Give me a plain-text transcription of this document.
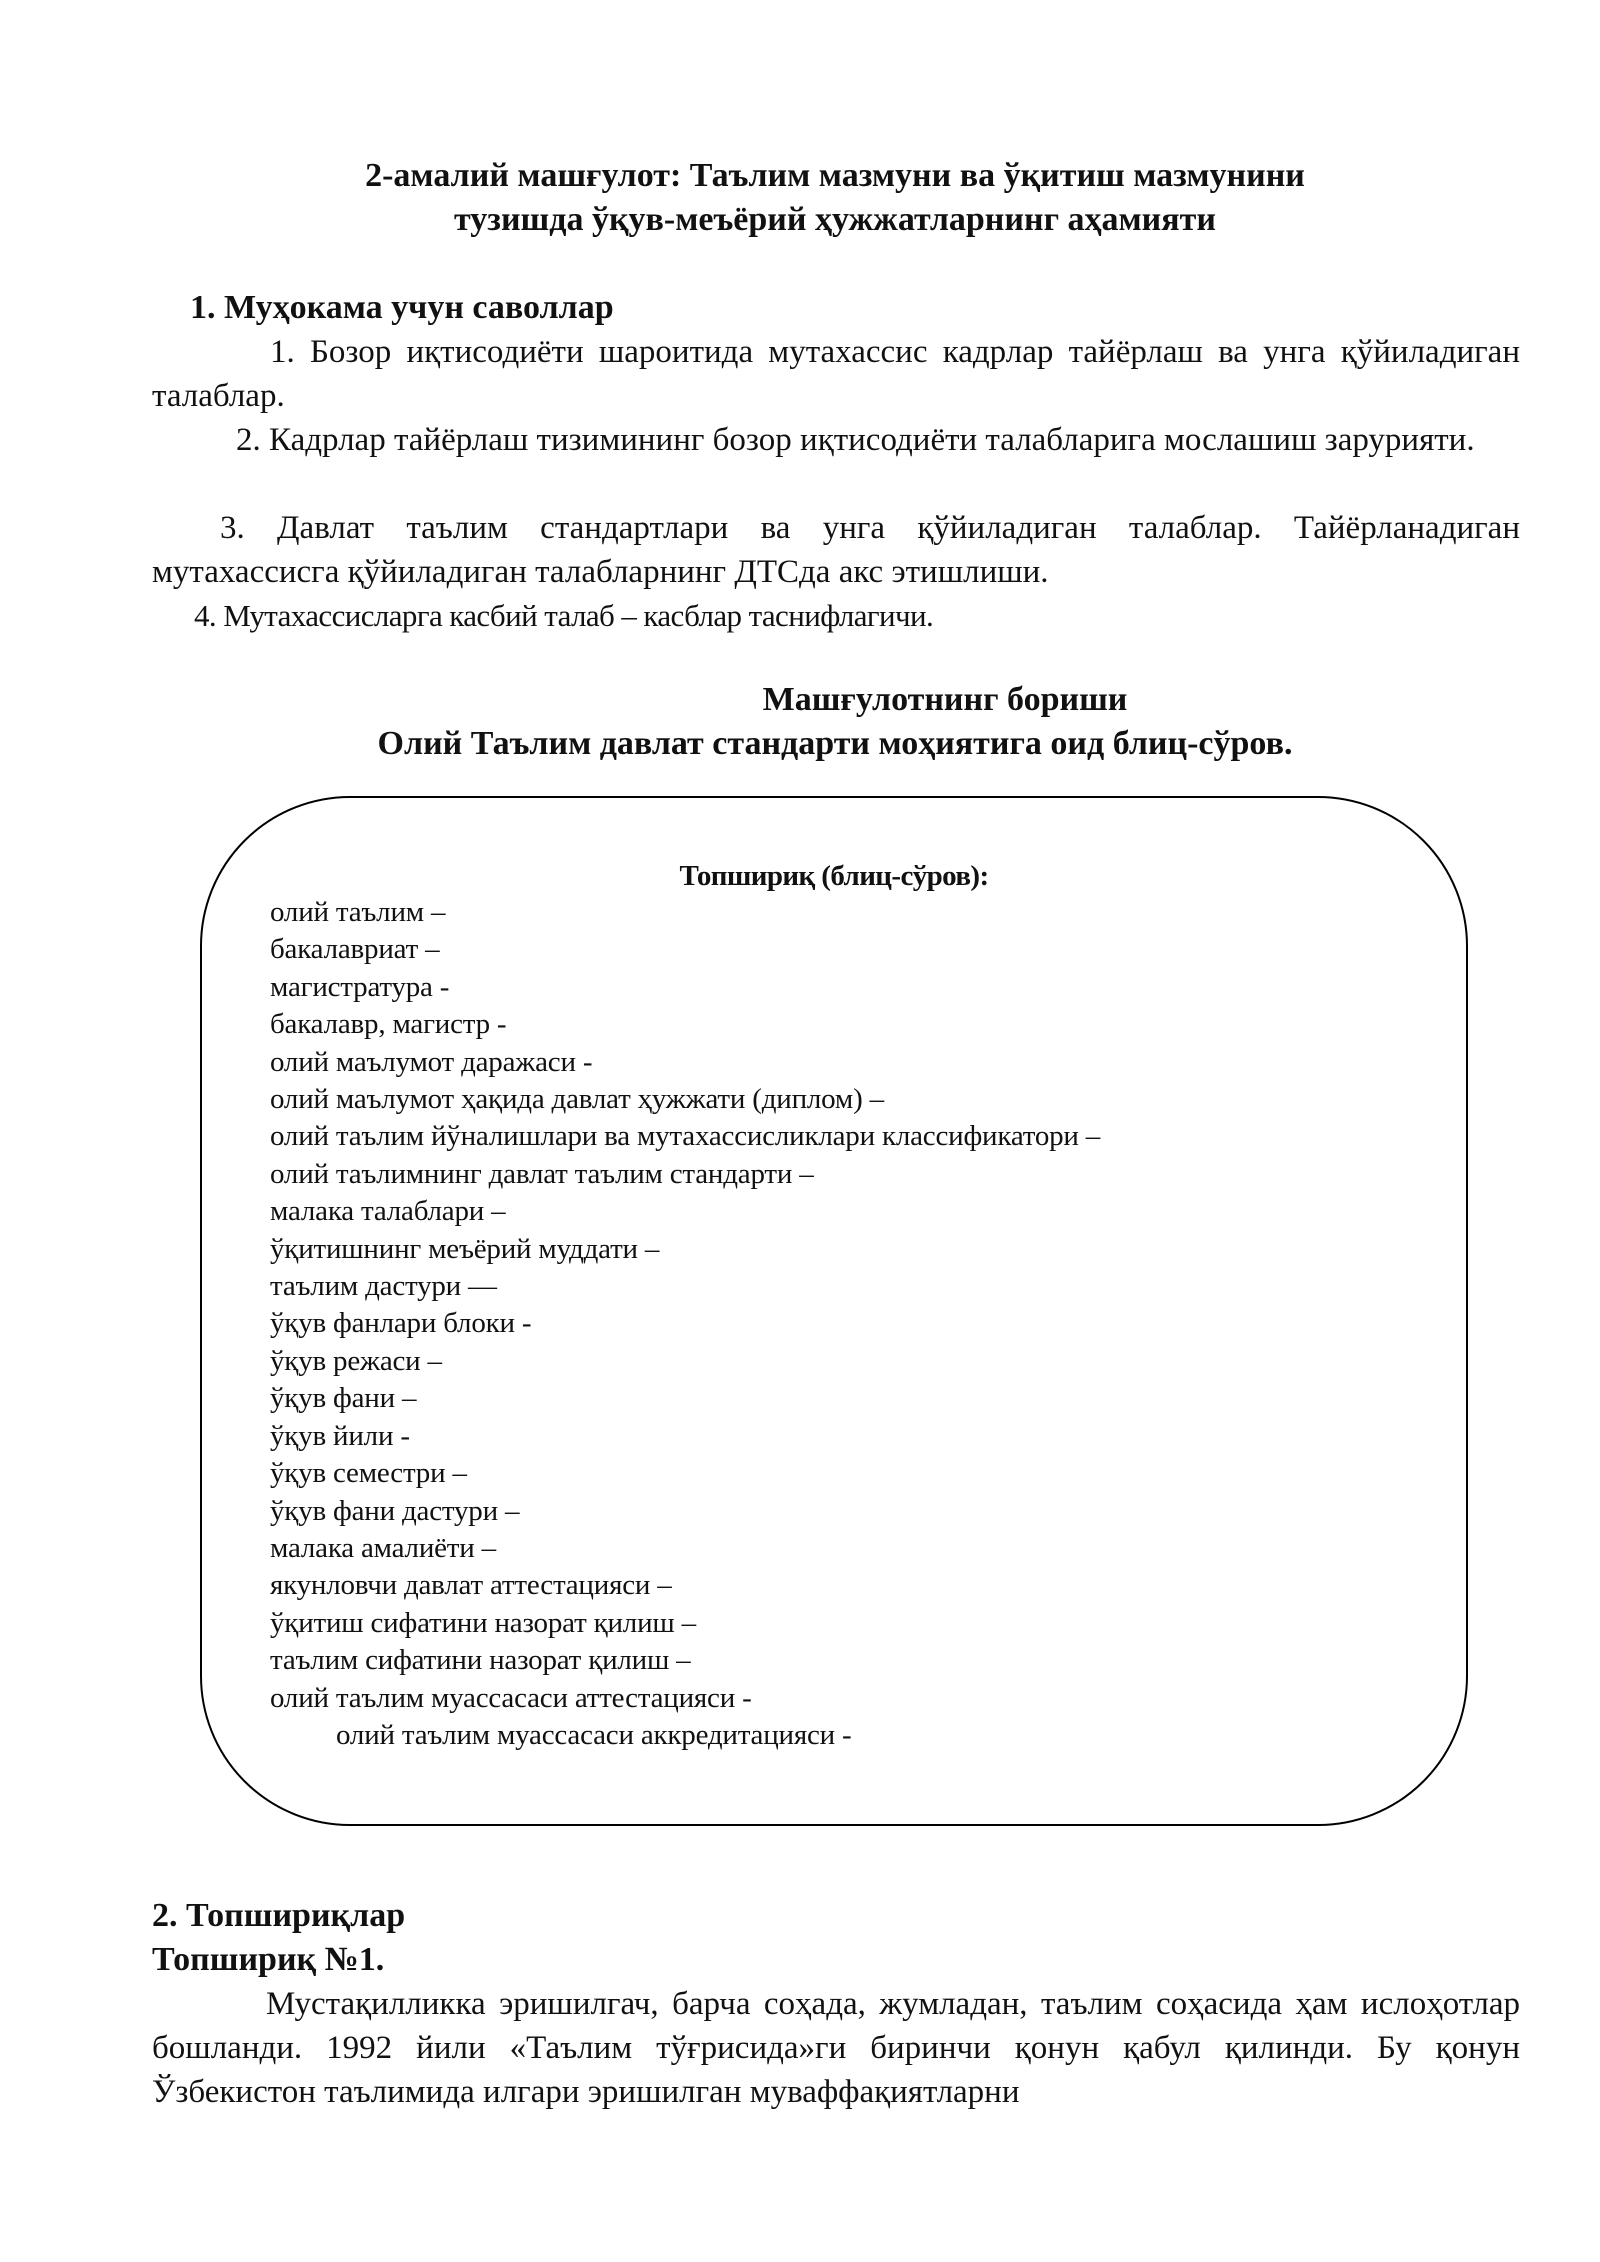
2-амалий машғулот: Таълим мазмуни ва ўқитиш мазмунини
тузишда ўқув-меъёрий ҳужжатларнинг аҳамияти
1. Муҳокама учун саволлар
1. Бозор иқтисодиёти шароитида мутахассис кадрлар тайёрлаш ва унга қўйиладиган талаблар.
2. Кадрлар тайёрлаш тизимининг бозор иқтисодиёти талабларига мослашиш зарурияти.
3. Давлат таълим стандартлари ва унга қўйиладиган талаблар. Тайёрланадиган мутахассисга қўйиладиган талабларнинг ДТСда акс этишлиши.
4. Мутахассисларга касбий талаб – касблар таснифлагичи.
Машғулотнинг бориши
Олий Таълим давлат стандарти моҳиятига оид блиц-сўров.
Топшириқ (блиц-сўров):
олий таълим –
бакалавриат –
магистратура -
бакалавр, магистр -
олий маълумот даражаси -
олий маълумот ҳақида давлат ҳужжати (диплом) –
олий таълим йўналишлари ва мутахассисликлари классификатори –
олий таълимнинг давлат таълим стандарти –
малака талаблари –
ўқитишнинг меъёрий муддати –
таълим дастури —
ўқув фанлари блоки -
ўқув режаси –
ўқув фани –
ўқув йили -
ўқув семестри –
ўқув фани дастури –
малака амалиёти –
якунловчи давлат аттестацияси –
ўқитиш сифатини назорат қилиш –
таълим сифатини назорат қилиш –
олий таълим муассасаси аттестацияси -
олий таълим муассасаси аккредитацияси -
2. Топшириқлар
Топшириқ №1.
Мустақилликка эришилгач, барча соҳада, жумладан, таълим соҳасида ҳам ислоҳотлар бошланди. 1992 йили «Таълим тўғрисида»ги биринчи қонун қабул қилинди. Бу қонун Ўзбекистон таълимида илгари эришилган муваффақиятларни
